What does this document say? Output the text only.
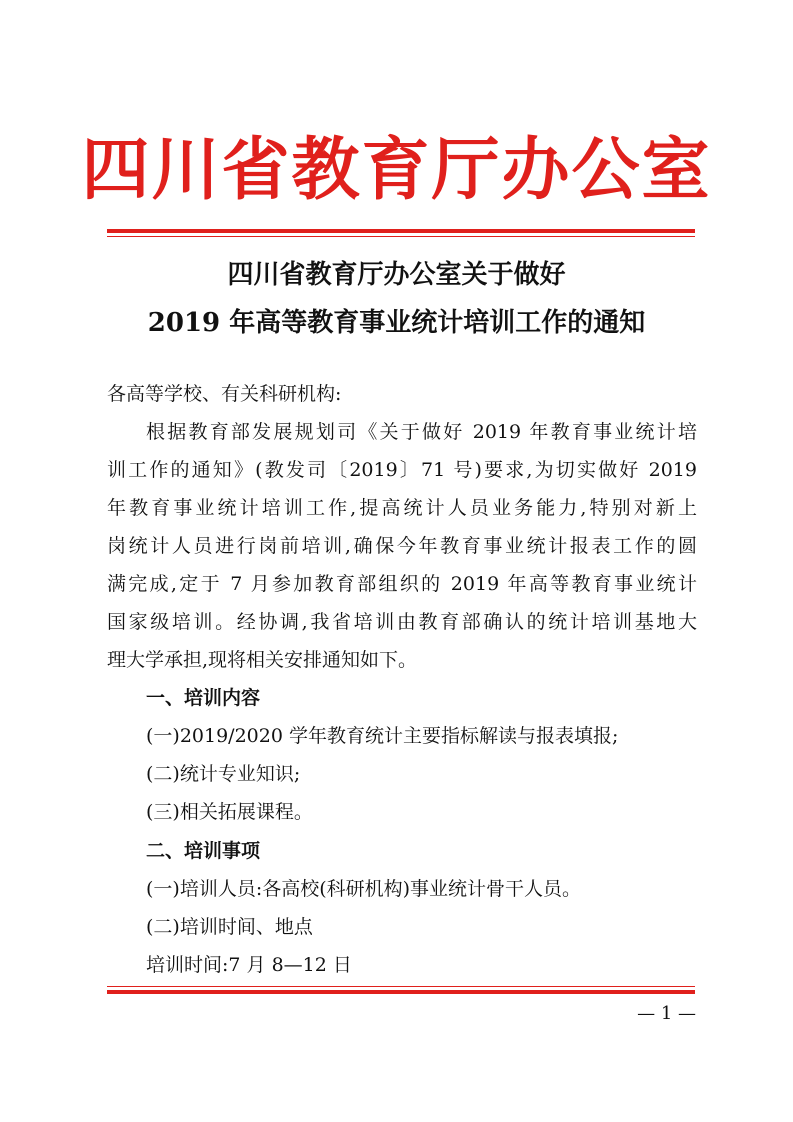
四川省教育厅办公室
四川省教育厅办公室关于做好
2019 年高等教育事业统计培训工作的通知
各高等学校、有关科研机构:
根据教育部发展规划司《关于做好 2019 年教育事业统计培
训工作的通知》(教发司〔2019〕71 号)要求,为切实做好 2019
年教育事业统计培训工作,提高统计人员业务能力,特别对新上
岗统计人员进行岗前培训,确保今年教育事业统计报表工作的圆
满完成,定于 7 月参加教育部组织的 2019 年高等教育事业统计
国家级培训。经协调,我省培训由教育部确认的统计培训基地大
理大学承担,现将相关安排通知如下。
一、培训内容
(一)2019/2020 学年教育统计主要指标解读与报表填报;
(二)统计专业知识;
(三)相关拓展课程。
二、培训事项
(一)培训人员:各高校(科研机构)事业统计骨干人员。
(二)培训时间、地点
培训时间:7 月 8—12 日
— 1 —
